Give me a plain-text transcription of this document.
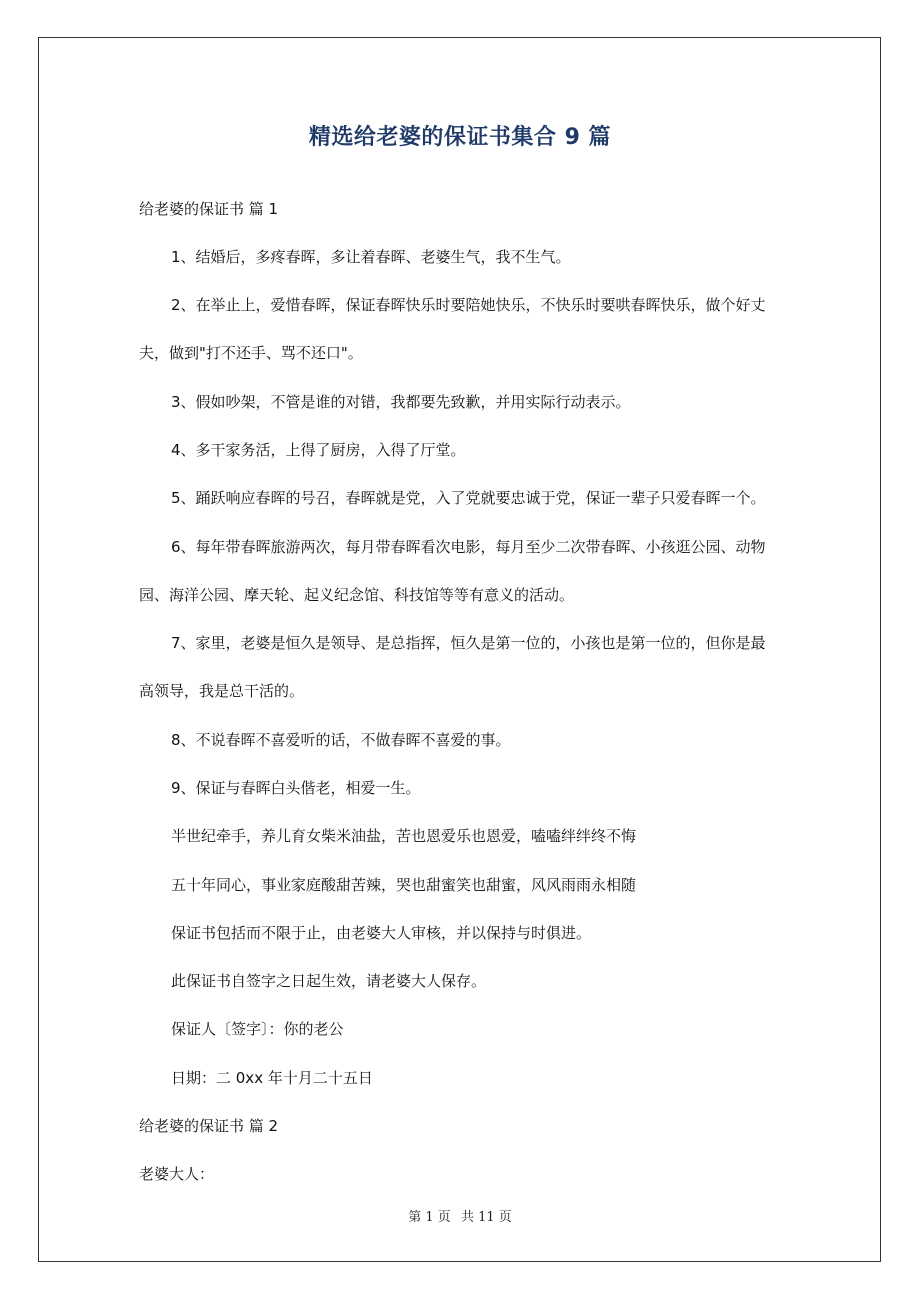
精选给老婆的保证书集合 9 篇

给老婆的保证书 篇 1

1、结婚后，多疼春晖，多让着春晖、老婆生气，我不生气。

2、在举止上，爱惜春晖，保证春晖快乐时要陪她快乐，不快乐时要哄春晖快乐，做个好丈

夫，做到"打不还手、骂不还口"。

3、假如吵架，不管是谁的对错，我都要先致歉，并用实际行动表示。

4、多干家务活，上得了厨房，入得了厅堂。

5、踊跃响应春晖的号召，春晖就是党，入了党就要忠诚于党，保证一辈子只爱春晖一个。

6、每年带春晖旅游两次，每月带春晖看次电影，每月至少二次带春晖、小孩逛公园、动物

园、海洋公园、摩天轮、起义纪念馆、科技馆等等有意义的活动。

7、家里，老婆是恒久是领导、是总指挥，恒久是第一位的，小孩也是第一位的，但你是最

高领导，我是总干活的。

8、不说春晖不喜爱听的话，不做春晖不喜爱的事。

9、保证与春晖白头偕老，相爱一生。

半世纪牵手，养儿育女柴米油盐，苦也恩爱乐也恩爱，嗑嗑绊绊终不悔

五十年同心，事业家庭酸甜苦辣，哭也甜蜜笑也甜蜜，风风雨雨永相随

保证书包括而不限于止，由老婆大人审核，并以保持与时俱进。

此保证书自签字之日起生效，请老婆大人保存。

保证人〔签字〕：你的老公

日期：二 0xx 年十月二十五日

给老婆的保证书 篇 2

老婆大人：

第 1 页 共 11 页
